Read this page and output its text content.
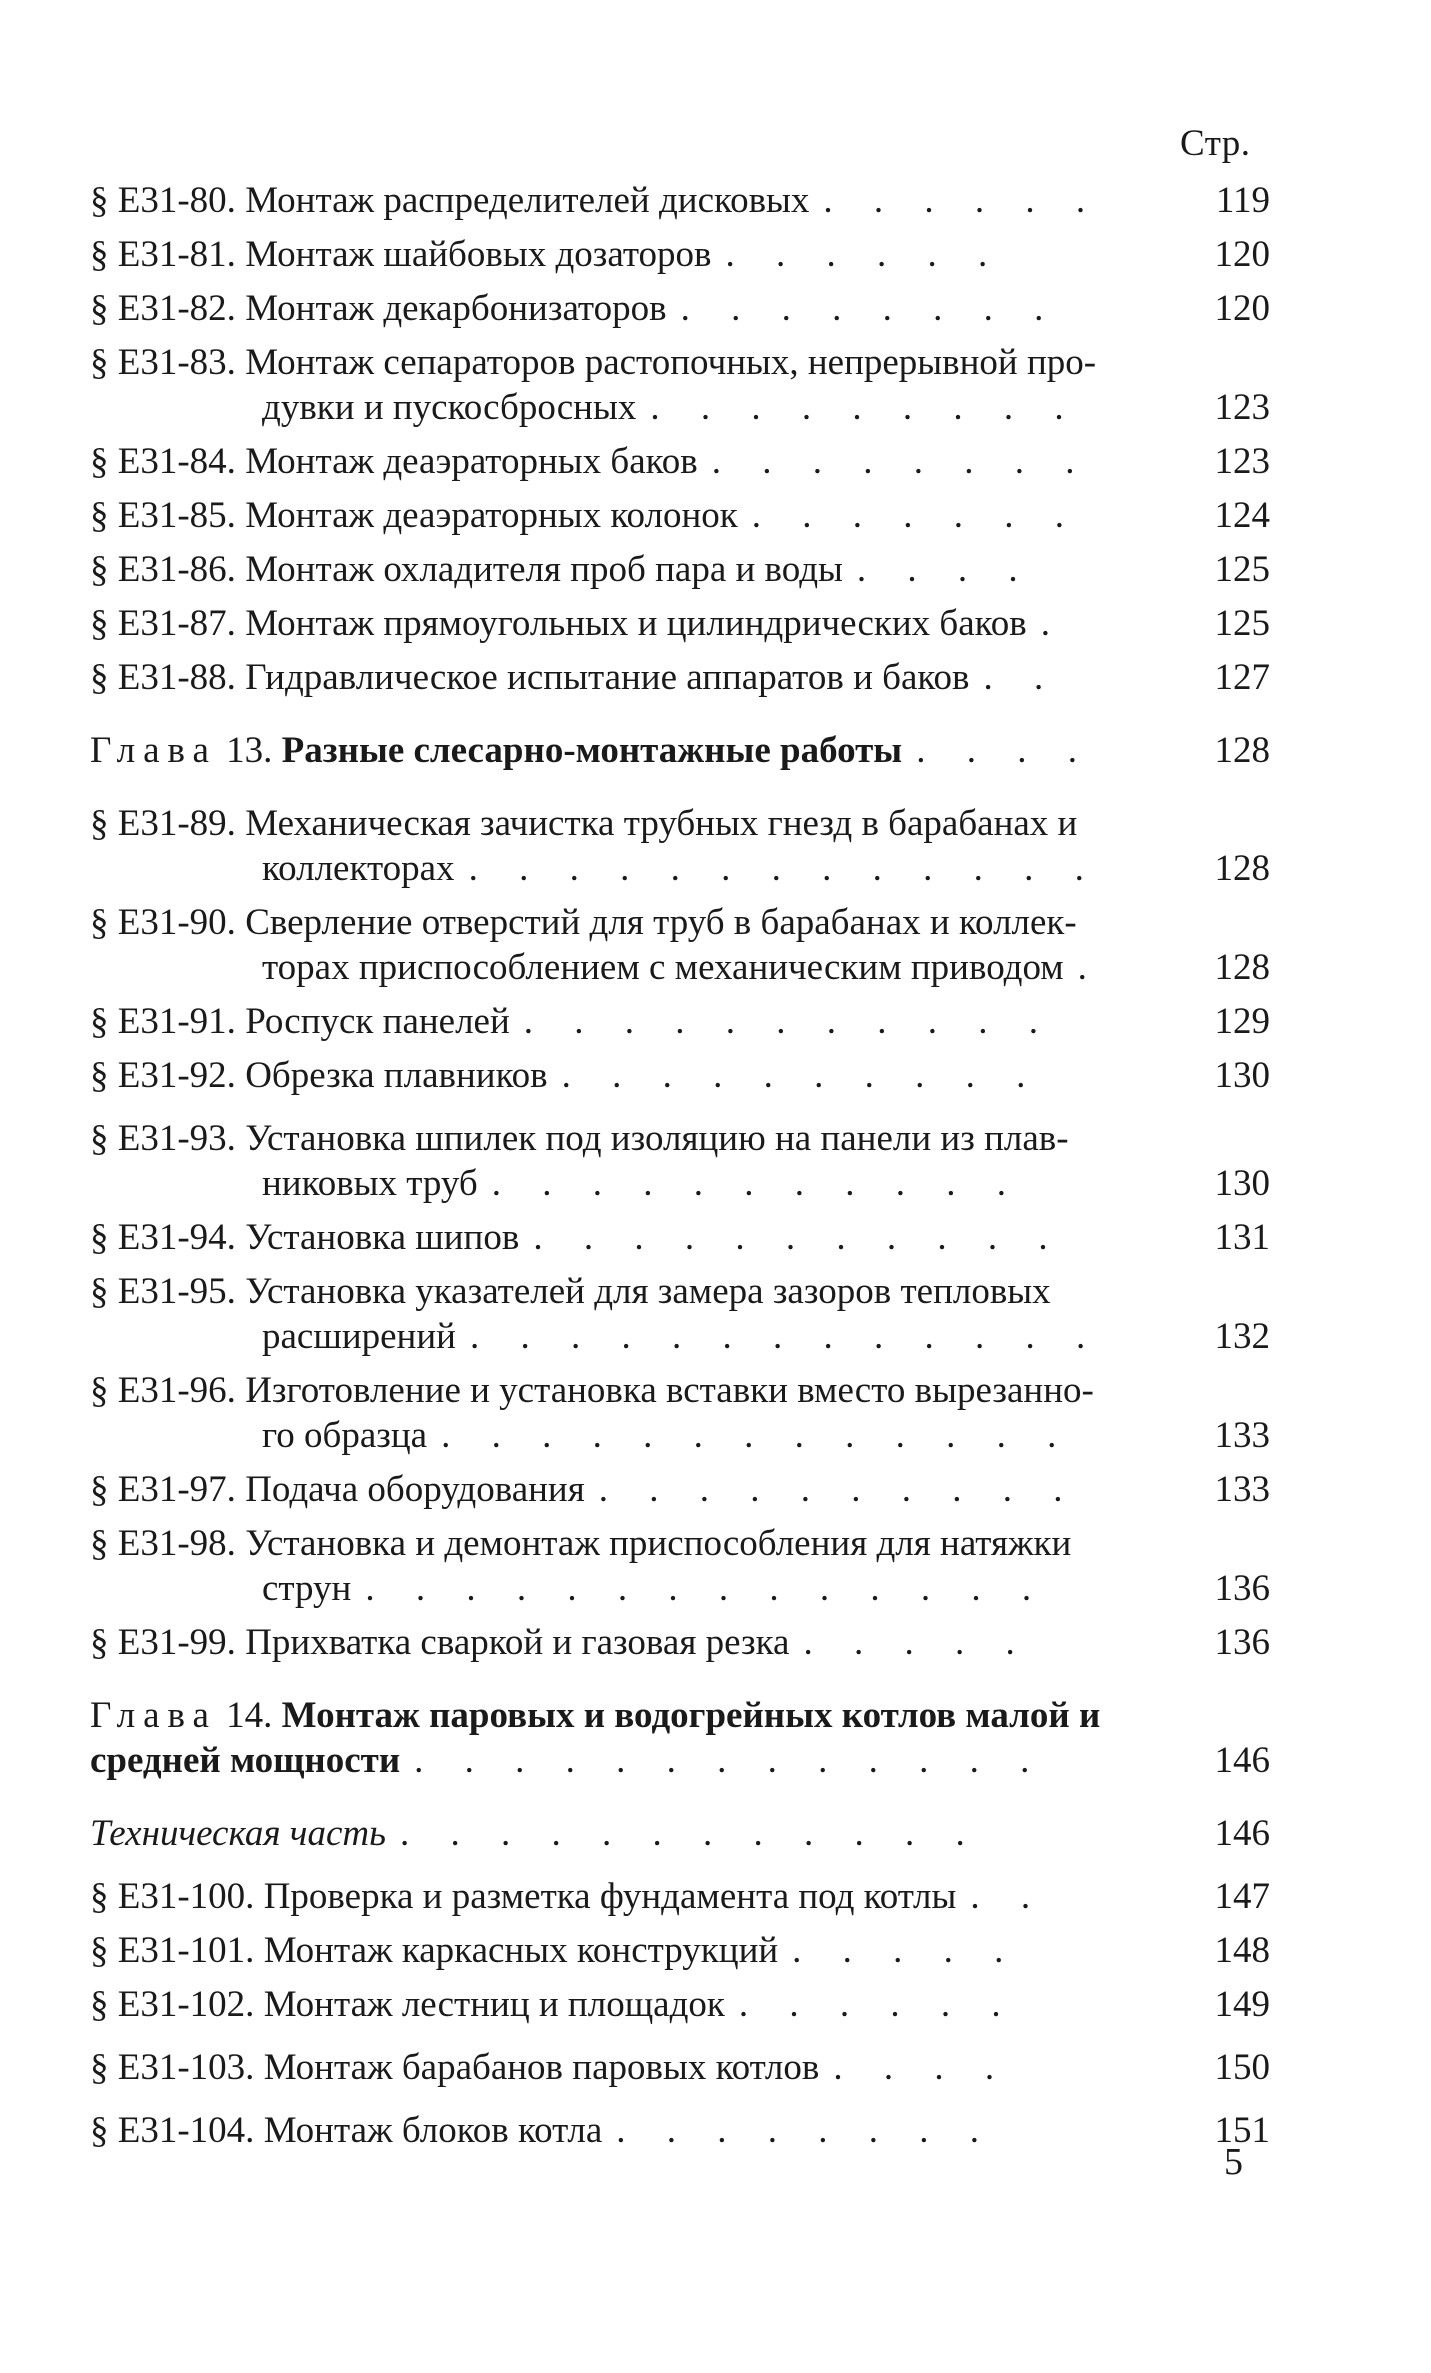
Стр.
§ E31-80. Монтаж распределителей дисковых . . . . . .	119
§ E31-81. Монтаж шайбовых дозаторов . . . . . .	120
§ E31-82. Монтаж декарбонизаторов . . . . . . . .	120
§ E31-83. Монтаж сепараторов растопочных, непрерывной про-
дувки и пускосбросных . . . . . . . . .	123
§ E31-84. Монтаж деаэраторных баков . . . . . . . .	123
§ E31-85. Монтаж деаэраторных колонок . . . . . . .	124
§ E31-86. Монтаж охладителя проб пара и воды . . . .	125
§ E31-87. Монтаж прямоугольных и цилиндрических баков .	125
§ E31-88. Гидравлическое испытание аппаратов и баков . .	127
Глава 13. Разные слесарно-монтажные работы . . . .	128
§ E31-89. Механическая зачистка трубных гнезд в барабанах и
коллекторах . . . . . . . . . . . . .	128
§ E31-90. Сверление отверстий для труб в барабанах и коллек-
торах приспособлением с механическим приводом .	128
§ E31-91. Роспуск панелей . . . . . . . . . . .	129
§ E31-92. Обрезка плавников . . . . . . . . . .	130
§ E31-93. Установка шпилек под изоляцию на панели из плав-
никовых труб . . . . . . . . . . .	130
§ E31-94. Установка шипов . . . . . . . . . . .	131
§ E31-95. Установка указателей для замера зазоров тепловых
расширений . . . . . . . . . . . . .	132
§ E31-96. Изготовление и установка вставки вместо вырезанно-
го образца . . . . . . . . . . . . .	133
§ E31-97. Подача оборудования . . . . . . . . . .	133
§ E31-98. Установка и демонтаж приспособления для натяжки
струн . . . . . . . . . . . . . .	136
§ E31-99. Прихватка сваркой и газовая резка . . . . .	136
Глава 14. Монтаж паровых и водогрейных котлов малой и
средней мощности . . . . . . . . . . . . .	146
Техническая часть . . . . . . . . . . . .	146
§ E31-100. Проверка и разметка фундамента под котлы . .	147
§ E31-101. Монтаж каркасных конструкций . . . . .	148
§ E31-102. Монтаж лестниц и площадок . . . . . .	149
§ E31-103. Монтаж барабанов паровых котлов . . . .	150
§ E31-104. Монтаж блоков котла . . . . . . . .	151
5
